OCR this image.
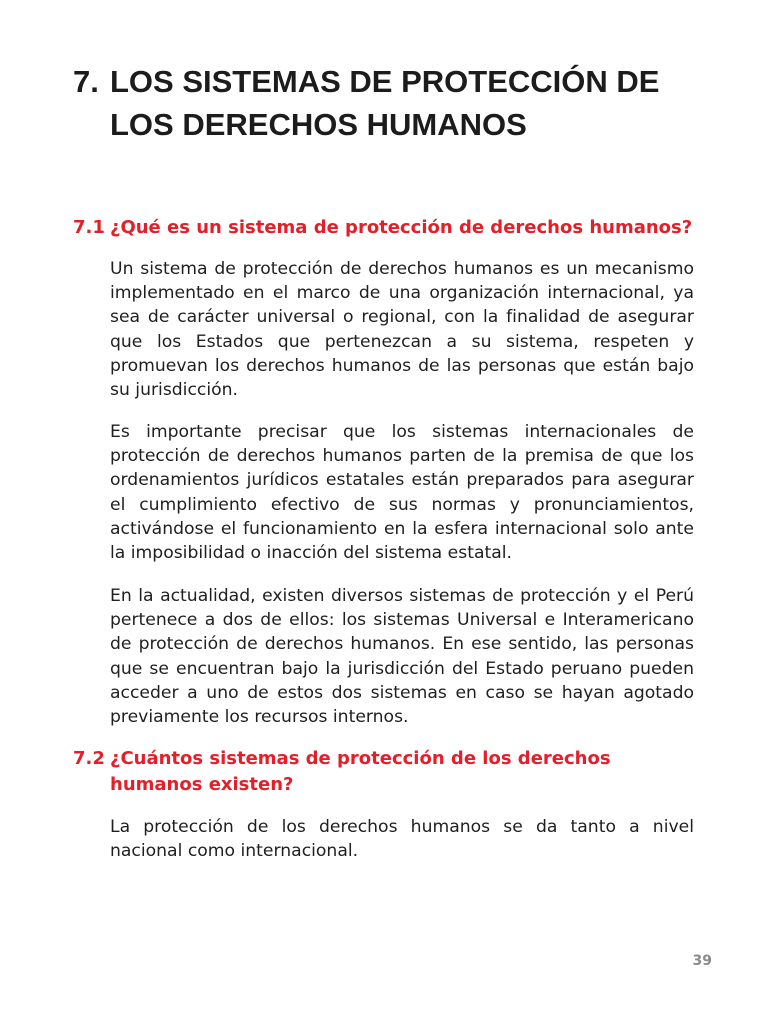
7. LOS SISTEMAS DE PROTECCIÓN DE LOS DERECHOS HUMANOS
7.1 ¿Qué es un sistema de protección de derechos humanos?

Un sistema de protección de derechos humanos es un mecanismo implementado en el marco de una organización internacional, ya sea de carácter universal o regional, con la finalidad de asegurar que los Estados que pertenezcan a su sistema, respeten y promuevan los derechos humanos de las personas que están bajo su jurisdicción.

Es importante precisar que los sistemas internacionales de protección de derechos humanos parten de la premisa de que los ordenamientos jurídicos estatales están preparados para asegurar el cumplimiento efectivo de sus normas y pronunciamientos, activándose el funcionamiento en la esfera internacional solo ante la imposibilidad o inacción del sistema estatal.

En la actualidad, existen diversos sistemas de protección y el Perú pertenece a dos de ellos: los sistemas Universal e Interamericano de protección de derechos humanos. En ese sentido, las personas que se encuentran bajo la jurisdicción del Estado peruano pueden acceder a uno de estos dos sistemas en caso se hayan agotado previamente los recursos internos.

7.2 ¿Cuántos sistemas de protección de los derechos humanos existen?

La protección de los derechos humanos se da tanto a nivel nacional como internacional.

39
